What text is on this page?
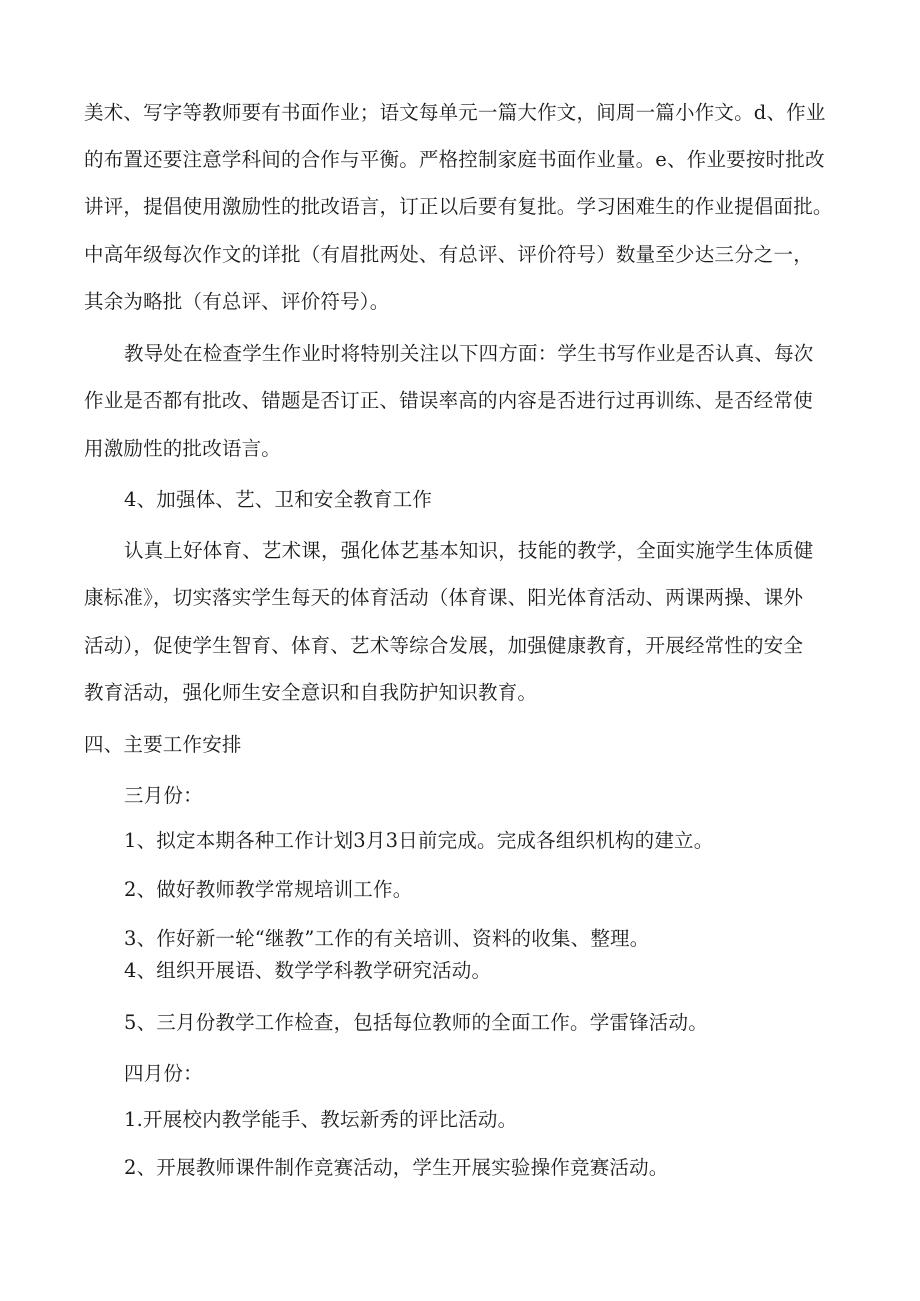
美术、写字等教师要有书面作业；语文每单元一篇大作文，间周一篇小作文。d、作业
的布置还要注意学科间的合作与平衡。严格控制家庭书面作业量。e、作业要按时批改
讲评，提倡使用激励性的批改语言，订正以后要有复批。学习困难生的作业提倡面批。
中高年级每次作文的详批（有眉批两处、有总评、评价符号）数量至少达三分之一，
其余为略批（有总评、评价符号）。
教导处在检查学生作业时将特别关注以下四方面：学生书写作业是否认真、每次
作业是否都有批改、错题是否订正、错误率高的内容是否进行过再训练、是否经常使
用激励性的批改语言。
4、加强体、艺、卫和安全教育工作
认真上好体育、艺术课，强化体艺基本知识，技能的教学，全面实施学生体质健
康标准》，切实落实学生每天的体育活动（体育课、阳光体育活动、两课两操、课外
活动），促使学生智育、体育、艺术等综合发展，加强健康教育，开展经常性的安全
教育活动，强化师生安全意识和自我防护知识教育。
四、主要工作安排
三月份：
1、拟定本期各种工作计划3月3日前完成。完成各组织机构的建立。
2、做好教师教学常规培训工作。
3、作好新一轮“继教”工作的有关培训、资料的收集、整理。
4、组织开展语、数学学科教学研究活动。
5、三月份教学工作检查，包括每位教师的全面工作。学雷锋活动。
四月份：
1.开展校内教学能手、教坛新秀的评比活动。
2、开展教师课件制作竞赛活动，学生开展实验操作竞赛活动。
